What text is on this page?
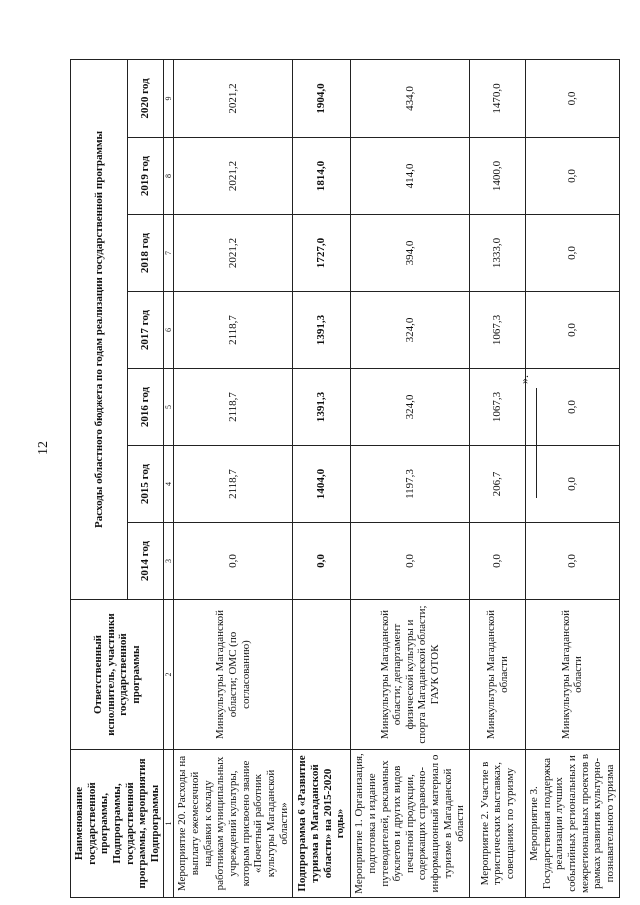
12
Наименование государственной программы, Подпрограммы, государственной программы, мероприятия Подпрограммы	Ответственный исполнитель, участники государственной программы	Расходы областного бюджета по годам реализации государственной программы						
		2014 год	2015 год	2016 год	2017 год	2018 год	2019 год	2020 год
1	2	3	4	5	6	7	8	9
Мероприятие 20. Расходы на выплату ежемесячной надбавки к окладу работникам муниципальных учреждений культуры, которым присвоено звание «Почетный работник культуры Магаданской области»	Минкультуры Магаданской области; ОМС (по согласованию)	0,0	2118,7	2118,7	2118,7	2021,2	2021,2	2021,2
Подпрограмма 6 «Развитие туризма в Магаданской области» на 2015-2020 годы»		0,0	1404,0	1391,3	1391,3	1727,0	1814,0	1904,0
Мероприятие 1. Организация, подготовка и издание путеводителей, рекламных буклетов и других видов печатной продукции, содержащих справочно-информационный материал о туризме в Магаданской области	Минкультуры Магаданской области; департамент физической культуры и спорта Магаданской области; ГАУК ОТОК	0,0	1197,3	324,0	324,0	394,0	414,0	434,0
Мероприятие 2. Участие в туристических выставках, совещаниях по туризму	Минкультуры Магаданской области	0,0	206,7	1067,3	1067,3	1333,0	1400,0	1470,0
Мероприятие 3. Государственная поддержка реализации лучших событийных региональных и межрегиональных проектов в рамках развития культурно-познавательного туризма	Минкультуры Магаданской области	0,0	0,0	0,0	0,0	0,0	0,0	0,0
».
